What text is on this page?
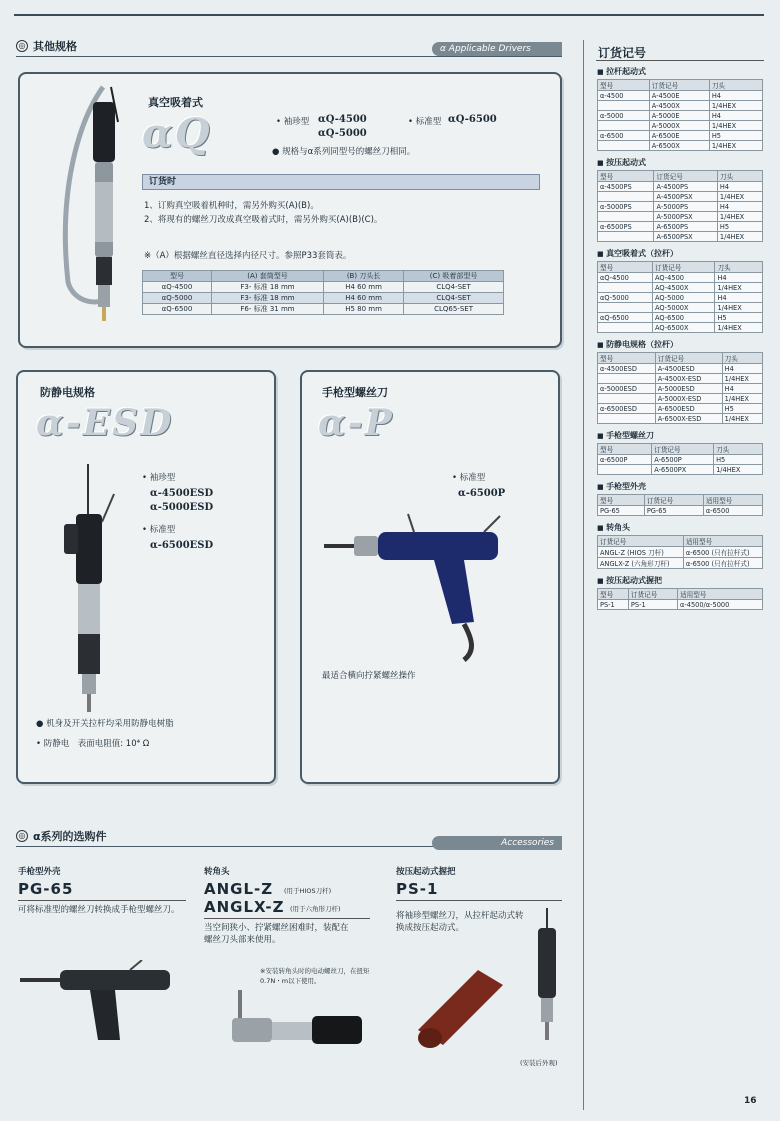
◎ 其他规格	α Applicable Drivers
真空吸着式
αQ	• 袖珍型 αQ-4500
αQ-5000
• 标准型 αQ-6500
● 规格与α系列同型号的螺丝刀相同。
订货时
1、订购真空吸着机种时，需另外购买(A)(B)。
2、将现有的螺丝刀改成真空吸着式时，需另外购买(A)(B)(C)。
※（A）根据螺丝直径选择内径尺寸。参照P33套筒表。
型号	(A) 套筒型号	(B) 刀头长	(C) 吸着部型号
αQ-4500	F3- 标准 18 mm	H4 60 mm	CLQ4-SET
αQ-5000	F3- 标准 18 mm	H4 60 mm	CLQ4-SET
αQ-6500	F6- 标准 31 mm	H5 80 mm	CLQ65-SET
防静电规格
α-ESD
• 袖珍型
α-4500ESD
α-5000ESD
• 标准型
α-6500ESD
● 机身及开关拉杆均采用防静电树脂
• 防静电　表面电阻值: 10⁴ Ω
手枪型螺丝刀
α-P
• 标准型
α-6500P
最适合横向拧紧螺丝操作
◎ α系列的选购件	Accessories
手枪型外壳
PG-65
可将标准型的螺丝刀转换成手枪型螺丝刀。
转角头
ANGL-Z (用于HIOS刀杆)
ANGLX-Z (用于六角形刀杆)
当空间狭小、拧紧螺丝困难时，装配在螺丝刀头部来使用。
※安装转角头时的电动螺丝刀，在扭矩0.7N・m以下使用。
按压起动式握把
PS-1
将袖珍型螺丝刀，从拉杆起动式转换成按压起动式。
(安装后外观)
订货记号
■ 拉杆起动式
型号	订货记号	刀头
α-4500	A-4500E	H4
	A-4500X	1/4HEX
α-5000	A-5000E	H4
	A-5000X	1/4HEX
α-6500	A-6500E	H5
	A-6500X	1/4HEX
■ 按压起动式
型号	订货记号	刀头
α-4500PS	A-4500PS	H4
	A-4500PSX	1/4HEX
α-5000PS	A-5000PS	H4
	A-5000PSX	1/4HEX
α-6500PS	A-6500PS	H5
	A-6500PSX	1/4HEX
■ 真空吸着式（拉杆）
型号	订货记号	刀头
αQ-4500	AQ-4500	H4
	AQ-4500X	1/4HEX
αQ-5000	AQ-5000	H4
	AQ-5000X	1/4HEX
αQ-6500	AQ-6500	H5
	AQ-6500X	1/4HEX
■ 防静电规格（拉杆）
型号	订货记号	刀头
α-4500ESD	A-4500ESD	H4
	A-4500X-ESD	1/4HEX
α-5000ESD	A-5000ESD	H4
	A-5000X-ESD	1/4HEX
α-6500ESD	A-6500ESD	H5
	A-6500X-ESD	1/4HEX
■ 手枪型螺丝刀
型号	订货记号	刀头
α-6500P	A-6500P	H5
	A-6500PX	1/4HEX
■ 手枪型外壳
型号	订货记号	适用型号
PG-65	PG-65	α-6500
■ 转角头
订货记号	适用型号
ANGL-Z (HIOS 刀杆)	α-6500 (只有拉杆式)
ANGLX-Z (六角形刀杆)	α-6500 (只有拉杆式)
■ 按压起动式握把
型号	订货记号	适用型号
PS-1	PS-1	α-4500/α-5000
16
